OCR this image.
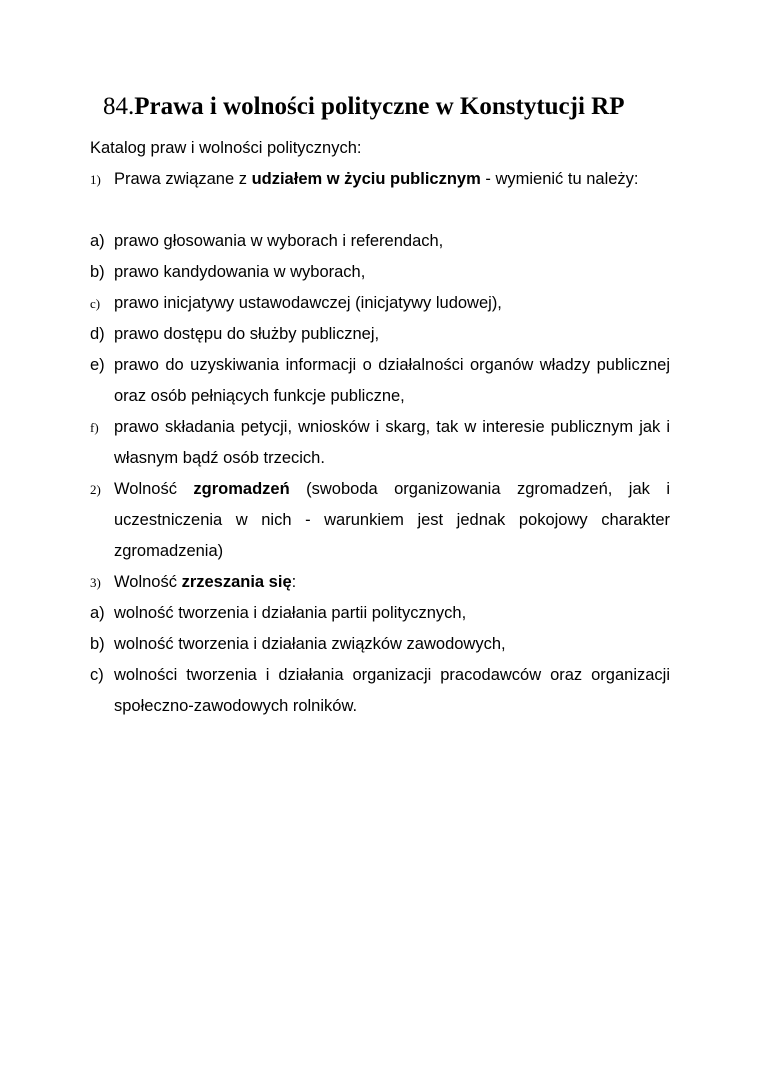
84.Prawa i wolności polityczne w Konstytucji RP
Katalog praw i wolności politycznych:
1) Prawa związane z udziałem w życiu publicznym - wymienić tu należy:
a) prawo głosowania w wyborach i referendach,
b) prawo kandydowania w wyborach,
c) prawo inicjatywy ustawodawczej (inicjatywy ludowej),
d) prawo dostępu do służby publicznej,
e) prawo do uzyskiwania informacji o działalności organów władzy publicznej oraz osób pełniących funkcje publiczne,
f) prawo składania petycji, wniosków i skarg, tak w interesie publicznym jak i własnym bądź osób trzecich.
2) Wolność zgromadzeń (swoboda organizowania zgromadzeń, jak i uczestniczenia w nich - warunkiem jest jednak pokojowy charakter zgromadzenia)
3) Wolność zrzeszania się:
a) wolność tworzenia i działania partii politycznych,
b) wolność tworzenia i działania związków zawodowych,
c) wolności tworzenia i działania organizacji pracodawców oraz organizacji społeczno-zawodowych rolników.
